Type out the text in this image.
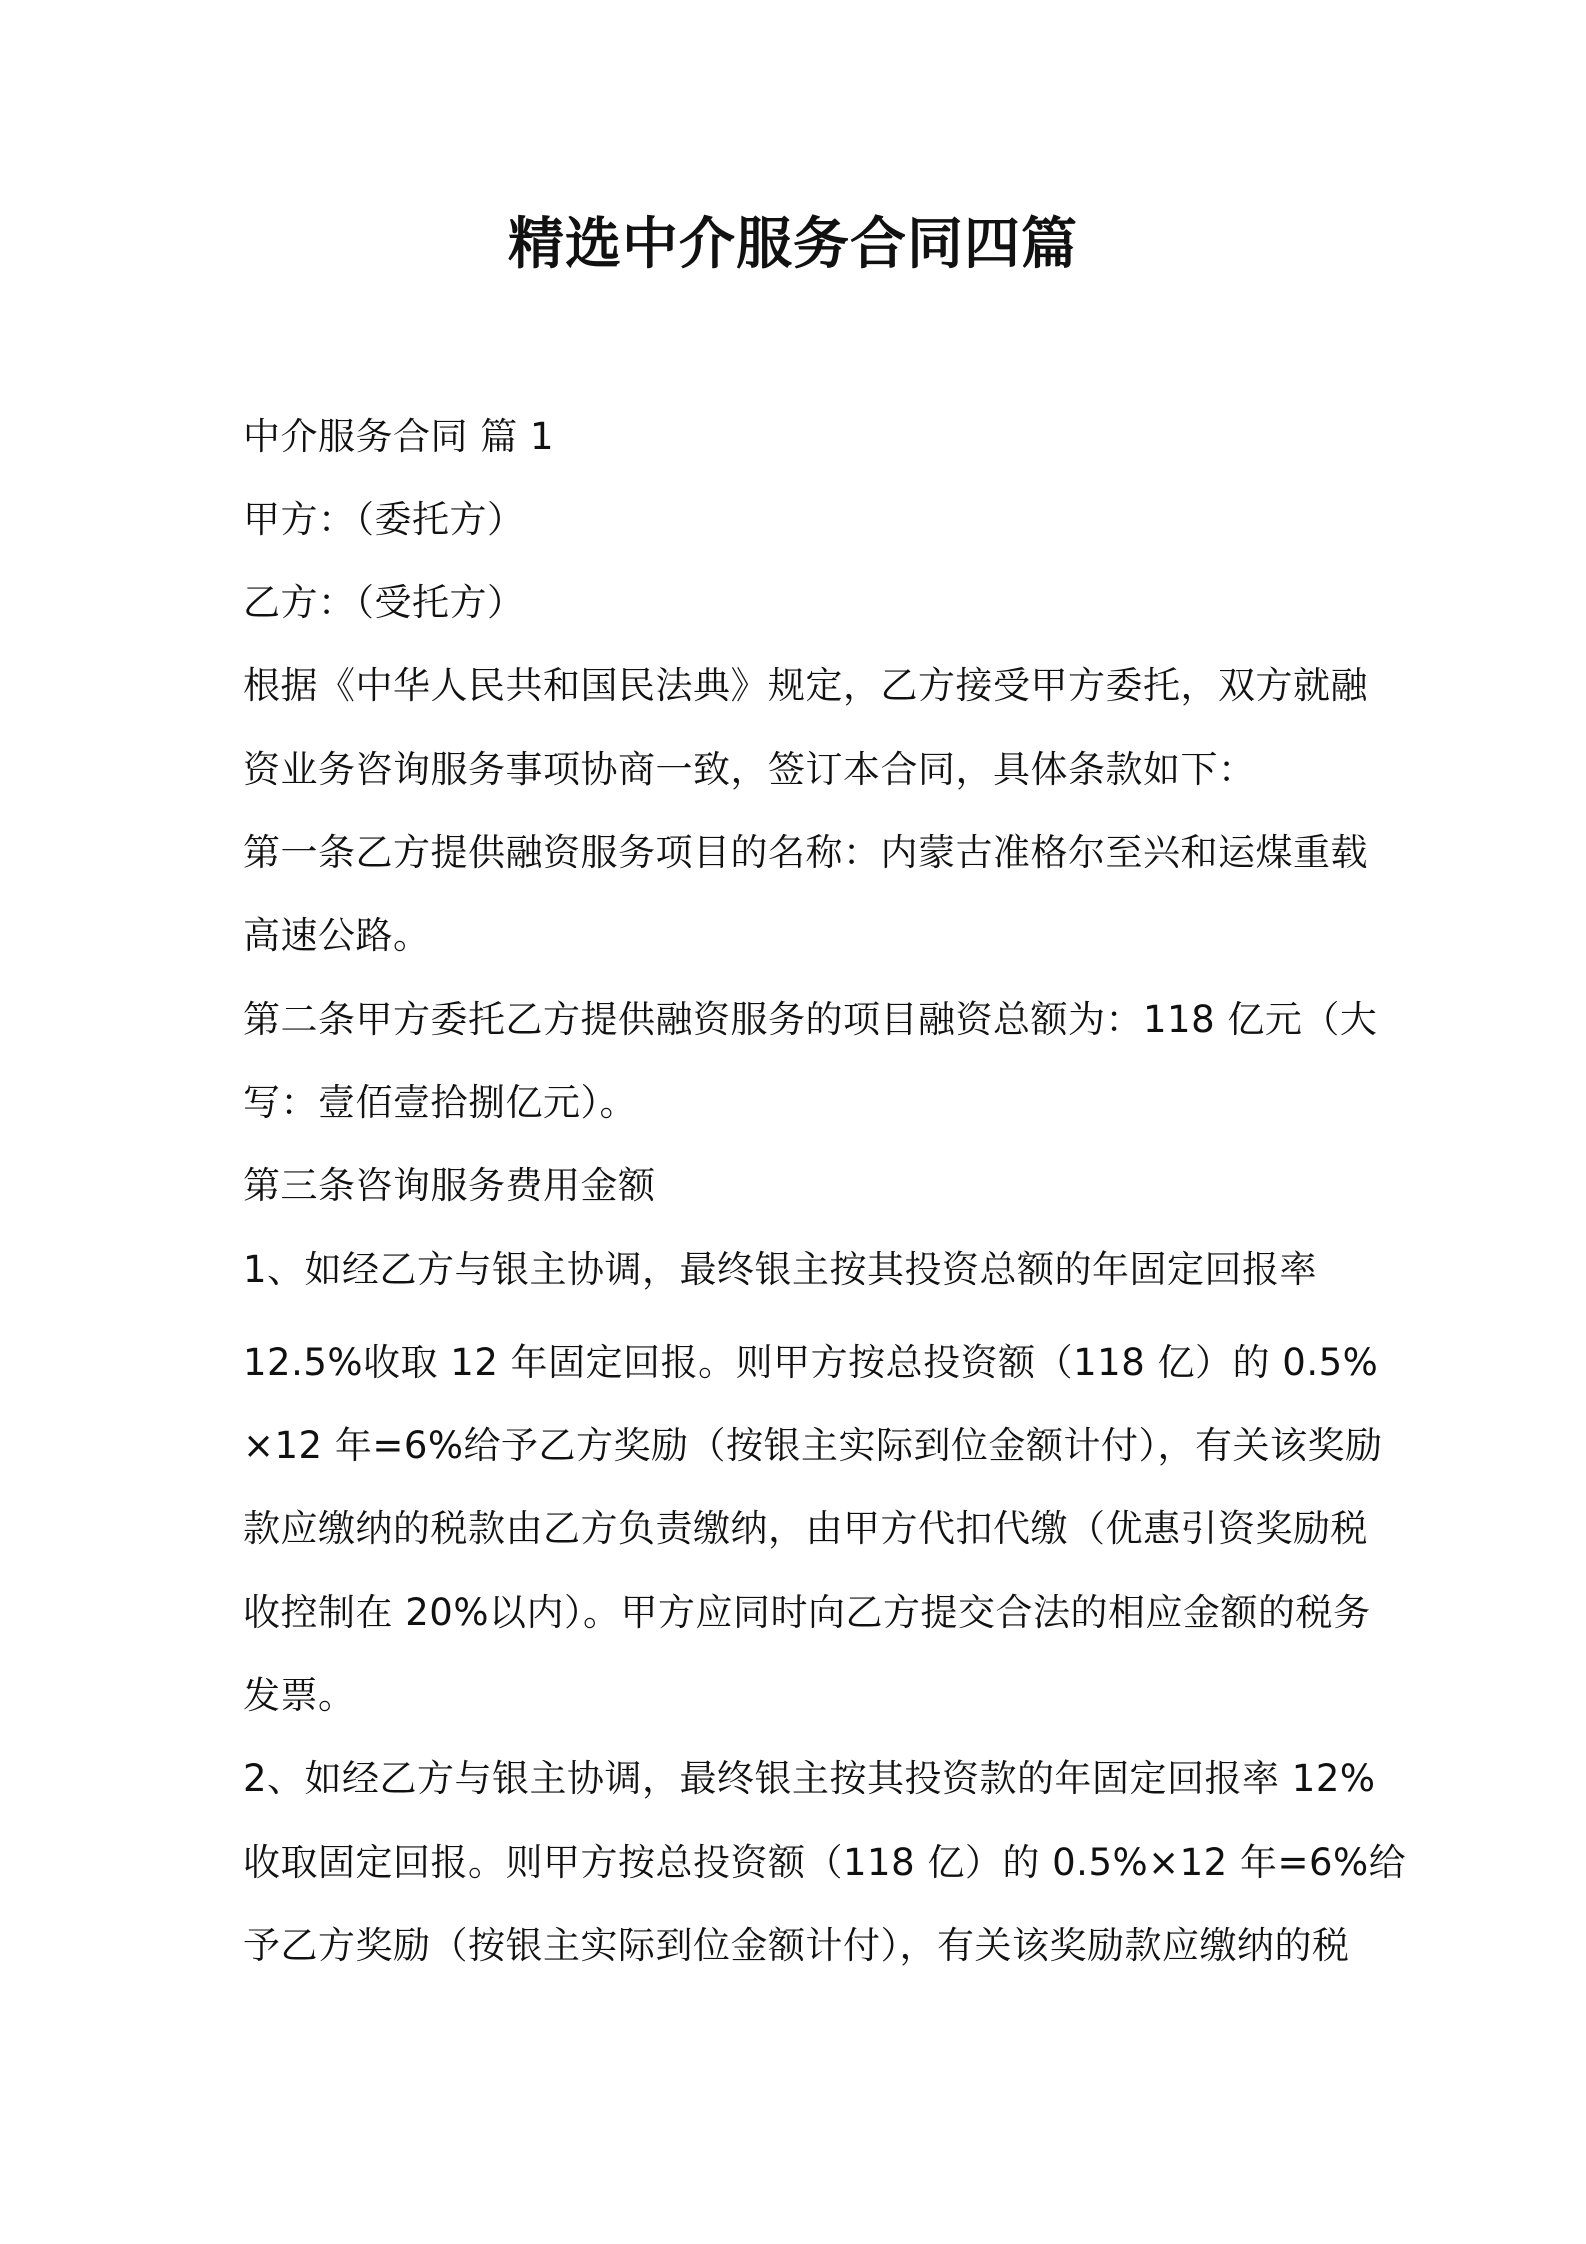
精选中介服务合同四篇
中介服务合同 篇 1
甲方：（委托方）
乙方：（受托方）
根据《中华人民共和国民法典》规定，乙方接受甲方委托，双方就融
资业务咨询服务事项协商一致，签订本合同，具体条款如下：
第一条乙方提供融资服务项目的名称：内蒙古准格尔至兴和运煤重载
高速公路。
第二条甲方委托乙方提供融资服务的项目融资总额为：118 亿元（大
写：壹佰壹拾捌亿元）。
第三条咨询服务费用金额
1、如经乙方与银主协调，最终银主按其投资总额的年固定回报率
12.5%收取 12 年固定回报。则甲方按总投资额（118 亿）的 0.5%
×12 年=6%给予乙方奖励（按银主实际到位金额计付），有关该奖励
款应缴纳的税款由乙方负责缴纳，由甲方代扣代缴（优惠引资奖励税
收控制在 20%以内）。甲方应同时向乙方提交合法的相应金额的税务
发票。
2、如经乙方与银主协调，最终银主按其投资款的年固定回报率 12%
收取固定回报。则甲方按总投资额（118 亿）的 0.5%×12 年=6%给
予乙方奖励（按银主实际到位金额计付），有关该奖励款应缴纳的税
